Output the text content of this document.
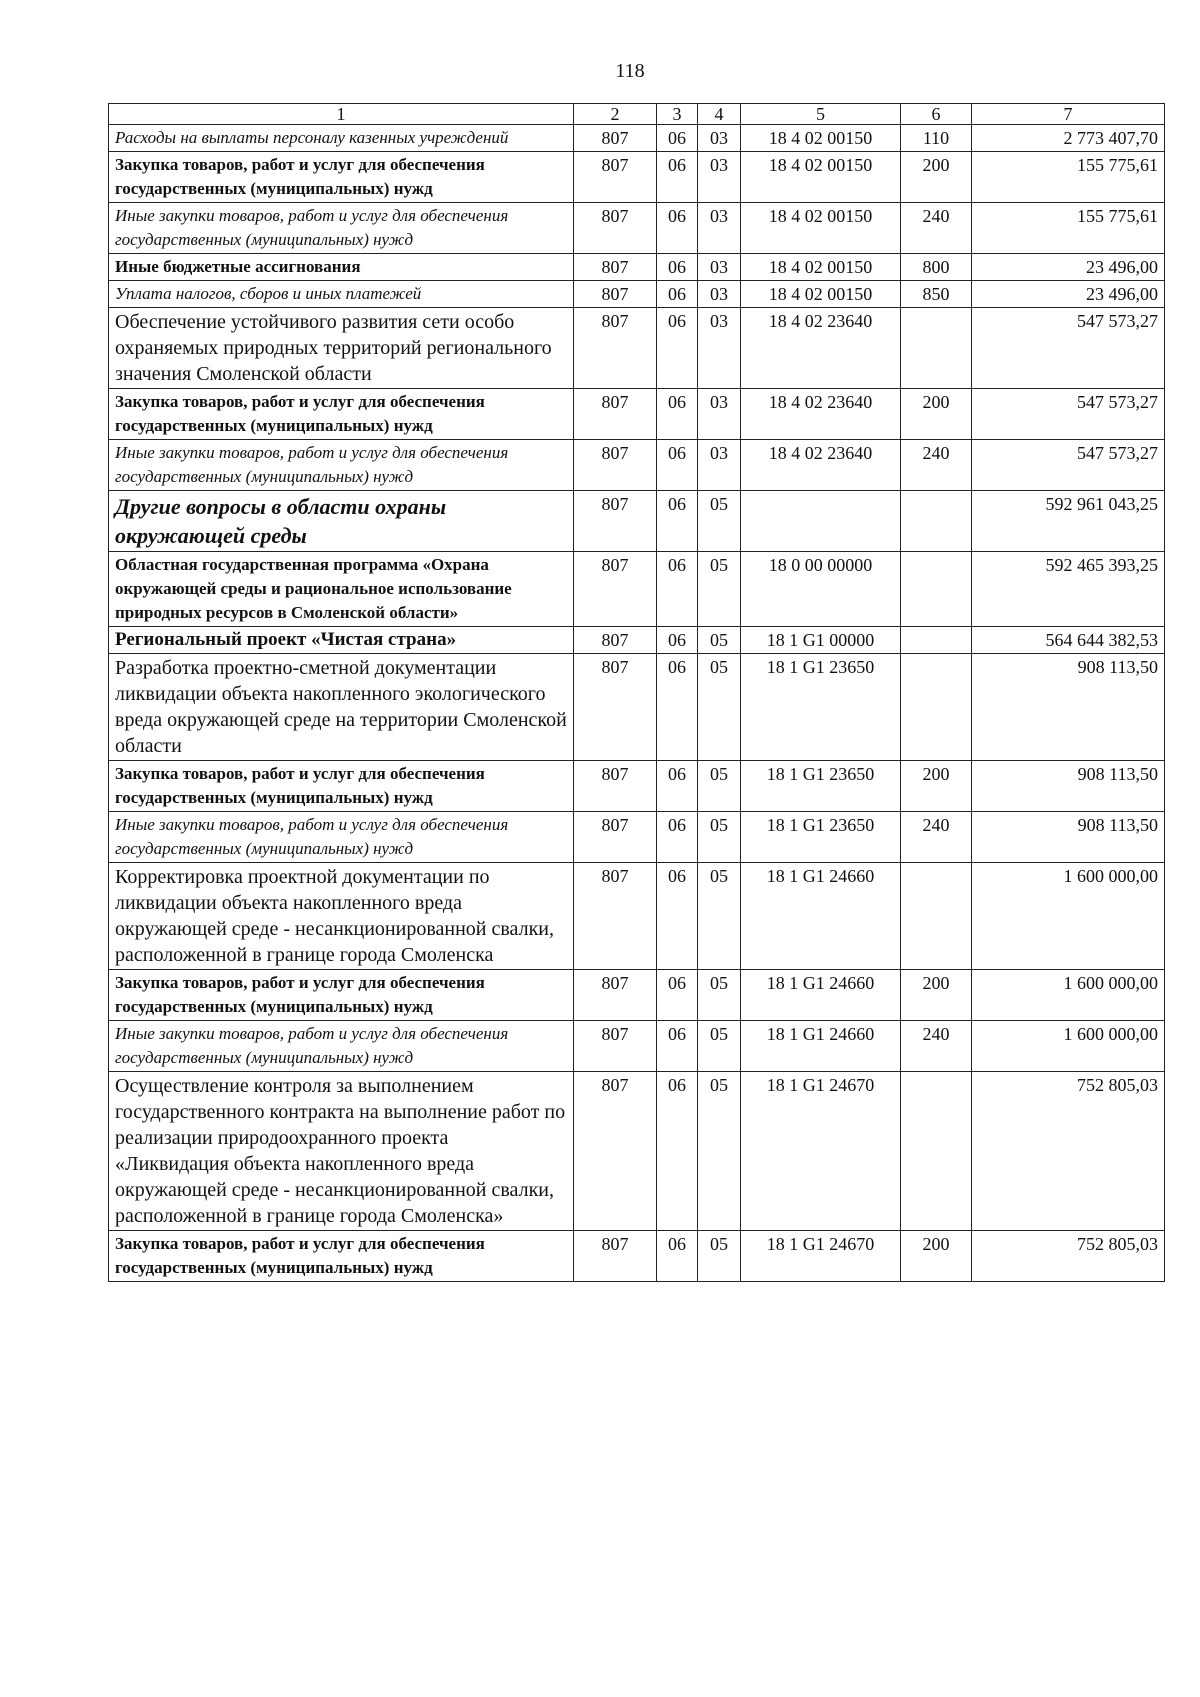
118
1	2	3	4	5	6	7
Расходы на выплаты персоналу казенных учреждений	807	06	03	18 4 02 00150	110	2 773 407,70
Закупка товаров, работ и услуг для обеспечения государственных (муниципальных) нужд	807	06	03	18 4 02 00150	200	155 775,61
Иные закупки товаров, работ и услуг для обеспечения государственных (муниципальных) нужд	807	06	03	18 4 02 00150	240	155 775,61
Иные бюджетные ассигнования	807	06	03	18 4 02 00150	800	23 496,00
Уплата налогов, сборов и иных платежей	807	06	03	18 4 02 00150	850	23 496,00
Обеспечение устойчивого развития сети особо охраняемых природных территорий регионального значения Смоленской области	807	06	03	18 4 02 23640		547 573,27
Закупка товаров, работ и услуг для обеспечения государственных (муниципальных) нужд	807	06	03	18 4 02 23640	200	547 573,27
Иные закупки товаров, работ и услуг для обеспечения государственных (муниципальных) нужд	807	06	03	18 4 02 23640	240	547 573,27
Другие вопросы в области охраны окружающей среды	807	06	05			592 961 043,25
Областная государственная программа «Охрана окружающей среды и рациональное использование природных ресурсов в Смоленской области»	807	06	05	18 0 00 00000		592 465 393,25
Региональный проект «Чистая страна»	807	06	05	18 1 G1 00000		564 644 382,53
Разработка проектно-сметной документации ликвидации объекта накопленного экологического вреда окружающей среде на территории Смоленской области	807	06	05	18 1 G1 23650		908 113,50
Закупка товаров, работ и услуг для обеспечения государственных (муниципальных) нужд	807	06	05	18 1 G1 23650	200	908 113,50
Иные закупки товаров, работ и услуг для обеспечения государственных (муниципальных) нужд	807	06	05	18 1 G1 23650	240	908 113,50
Корректировка проектной документации по ликвидации объекта накопленного вреда окружающей среде - несанкционированной свалки, расположенной в границе города Смоленска	807	06	05	18 1 G1 24660		1 600 000,00
Закупка товаров, работ и услуг для обеспечения государственных (муниципальных) нужд	807	06	05	18 1 G1 24660	200	1 600 000,00
Иные закупки товаров, работ и услуг для обеспечения государственных (муниципальных) нужд	807	06	05	18 1 G1 24660	240	1 600 000,00
Осуществление контроля за выполнением государственного контракта на выполнение работ по реализации природоохранного проекта «Ликвидация объекта накопленного вреда окружающей среде - несанкционированной свалки, расположенной в границе города Смоленска»	807	06	05	18 1 G1 24670		752 805,03
Закупка товаров, работ и услуг для обеспечения государственных (муниципальных) нужд	807	06	05	18 1 G1 24670	200	752 805,03
